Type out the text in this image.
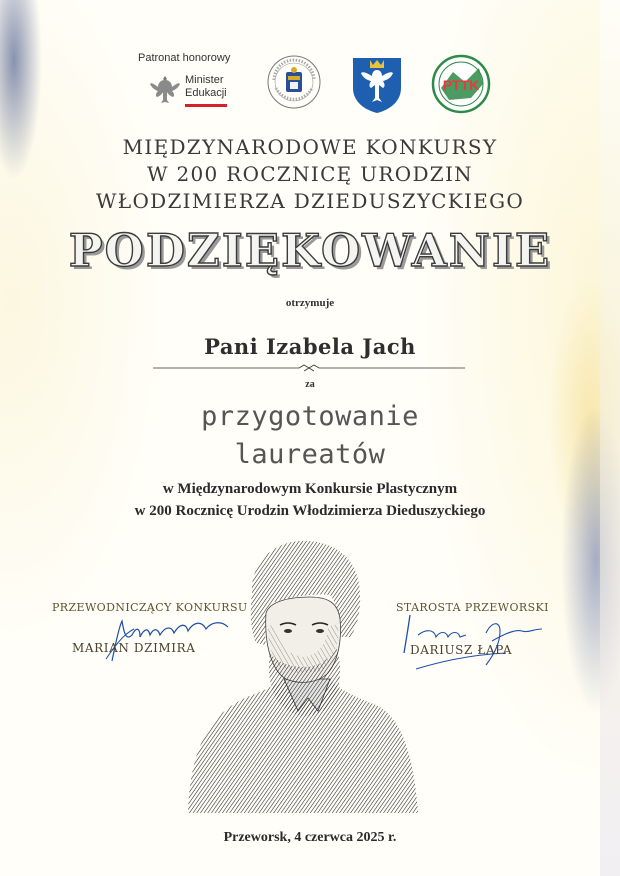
Patronat honorowy
Minister
Edukacji	PTTK
MIĘDZYNARODOWE KONKURSY
W 200 ROCZNICĘ URODZIN
WŁODZIMIERZA DZIEDUSZYCKIEGO
PODZIĘKOWANIE
otrzymuje
Pani Izabela Jach
za
przygotowanie
laureatów
w Międzynarodowym Konkursie Plastycznym
w 200 Rocznicę Urodzin Włodzimierza Dieduszyckiego
PRZEWODNICZĄCY KONKURSU
MARIAN DZIMIRA
STAROSTA PRZEWORSKI
DARIUSZ ŁAPA
Przeworsk, 4 czerwca 2025 r.
